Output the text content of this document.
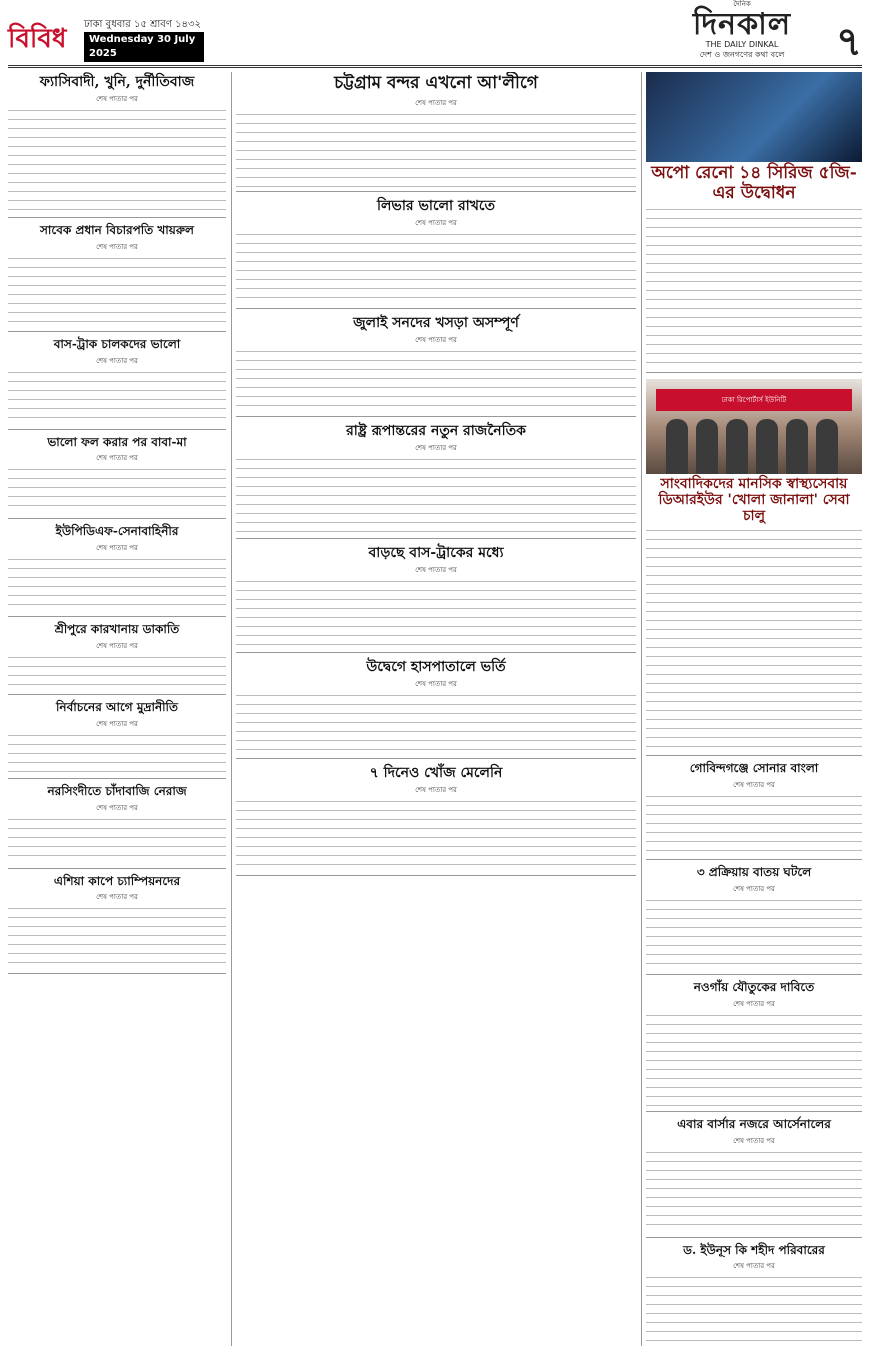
বিবিধ	ঢাকা বুধবার ১৫ শ্রাবণ ১৪৩২
Wednesday 30 July 2025
দৈনিক
দিনকাল
THE DAILY DINKAL
দেশ ও জনগণের কথা বলে	৭
ফ্যাসিবাদী, খুনি, দুর্নীতিবাজ
শেষ পাতার পর
সাবেক প্রধান বিচারপতি খায়রুল
শেষ পাতার পর
বাস-ট্রাক চালকদের ভালো
শেষ পাতার পর
ভালো ফল করার পর বাবা-মা
শেষ পাতার পর
ইউপিডিএফ-সেনাবাহিনীর
শেষ পাতার পর
শ্রীপুরে কারখানায় ডাকাতি
শেষ পাতার পর
নির্বাচনের আগে মুদ্রানীতি
শেষ পাতার পর
নরসিংদীতে চাঁদাবাজি নেরাজ
শেষ পাতার পর
এশিয়া কাপে চ্যাম্পিয়নদের
শেষ পাতার পর
চট্টগ্রাম বন্দর এখনো আ'লীগে
শেষ পাতার পর
লিভার ভালো রাখতে
শেষ পাতার পর
জুলাই সনদের খসড়া অসম্পূর্ণ
শেষ পাতার পর
রাষ্ট্র রূপান্তরের নতুন রাজনৈতিক
শেষ পাতার পর
বাড়ছে বাস-ট্রাকের মধ্যে
শেষ পাতার পর
উদ্বেগে হাসপাতালে ভর্তি
শেষ পাতার পর
৭ দিনেও খোঁজ মেলেনি
শেষ পাতার পর
অপো রেনো ১৪ সিরিজ ৫জি-এর উদ্বোধন
ঢাকা রিপোর্টার্স ইউনিটি
সাংবাদিকদের মানসিক স্বাস্থ্যসেবায় ডিআরইউর 'খোলা জানালা' সেবা চালু
গোবিন্দগঞ্জে সোনার বাংলা
শেষ পাতার পর
৩ প্রক্রিয়ায় বাতয় ঘটলে
শেষ পাতার পর
নওগাঁয় যৌতুকের দাবিতে
শেষ পাতার পর
এবার বার্সার নজরে আর্সেনালের
শেষ পাতার পর
ড. ইউনূস কি শহীদ পরিবারের
শেষ পাতার পর
